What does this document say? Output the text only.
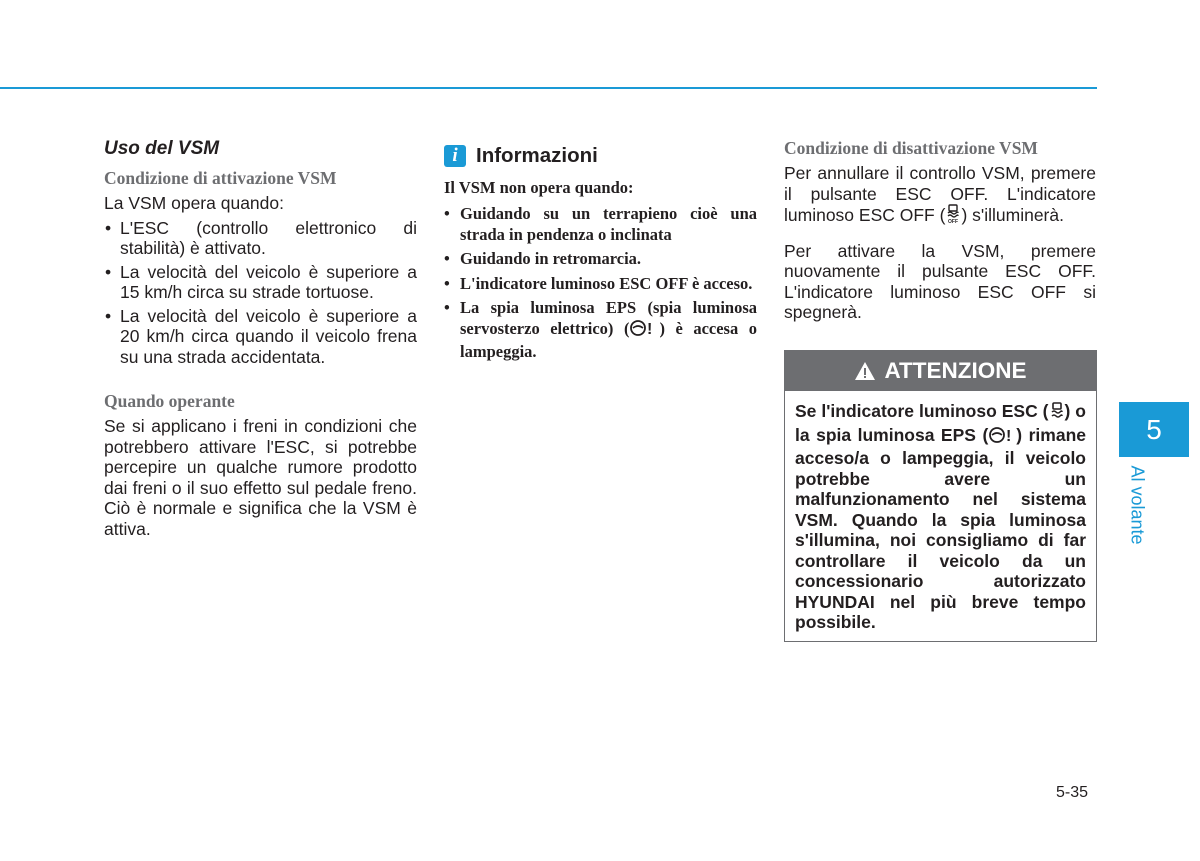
Uso del VSM

Condizione di attivazione VSM

La VSM opera quando:

• L'ESC (controllo elettronico di stabilità) è attivato.
• La velocità del veicolo è superiore a 15 km/h circa su strade tortuose.
• La velocità del veicolo è superiore a 20 km/h circa quando il veicolo frena su una strada accidentata.

Quando operante

Se si applicano i freni in condizioni che potrebbero attivare l'ESC, si potrebbe percepire un qualche rumore prodotto dai freni o il suo effetto sul pedale freno. Ciò è normale e significa che la VSM è attiva.

i Informazioni

Il VSM non opera quando:

• Guidando su un terrapieno cioè una strada in pendenza o inclinata
• Guidando in retromarcia.
• L'indicatore luminoso ESC OFF è acceso.
• La spia luminosa EPS (spia luminosa servosterzo elettrico) ( ! ) è accesa o lampeggia.

Condizione di disattivazione VSM

Per annullare il controllo VSM, premere il pulsante ESC OFF. L'indicatore luminoso ESC OFF ( OFF ) s'illuminerà.

Per attivare la VSM, premere nuovamente il pulsante ESC OFF. L'indicatore luminoso ESC OFF si spegnerà.

ATTENZIONE
Se l'indicatore luminoso ESC ( ) o la spia luminosa EPS ( ! ) rimane acceso/a o lampeggia, il veicolo potrebbe avere un malfunzionamento nel sistema VSM. Quando la spia luminosa s'illumina, noi consigliamo di far controllare il veicolo da un concessionario autorizzato HYUNDAI nel più breve tempo possibile.
5
Al volante
5-35
